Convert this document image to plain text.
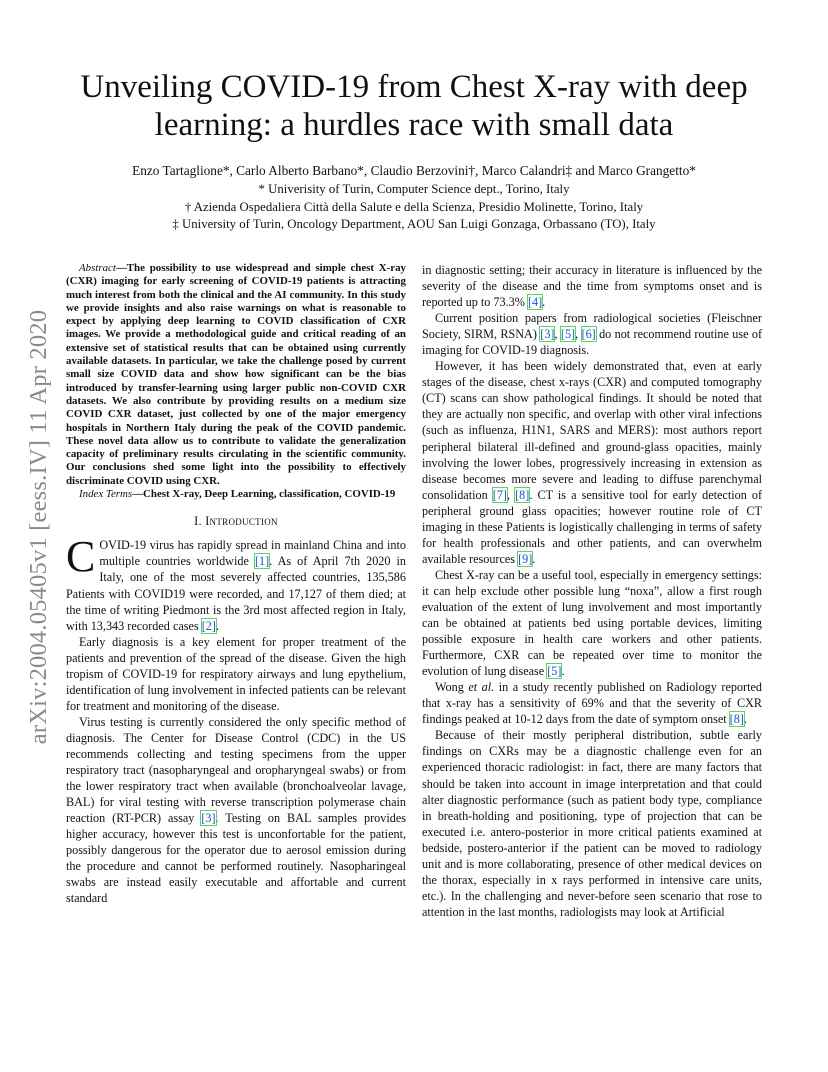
arXiv:2004.05405v1 [eess.IV] 11 Apr 2020
Unveiling COVID-19 from Chest X-ray with deep
learning: a hurdles race with small data
Enzo Tartaglione*, Carlo Alberto Barbano*, Claudio Berzovini†, Marco Calandri‡ and Marco Grangetto*
* Univerisity of Turin, Computer Science dept., Torino, Italy
† Azienda Ospedaliera Città della Salute e della Scienza, Presidio Molinette, Torino, Italy
‡ University of Turin, Oncology Department, AOU San Luigi Gonzaga, Orbassano (TO), Italy

Abstract—The possibility to use widespread and simple chest X-ray (CXR) imaging for early screening of COVID-19 patients is attracting much interest from both the clinical and the AI community. In this study we provide insights and also raise warnings on what is reasonable to expect by applying deep learning to COVID classification of CXR images. We provide a methodological guide and critical reading of an extensive set of statistical results that can be obtained using currently available datasets. In particular, we take the challenge posed by current small size COVID data and show how significant can be the bias introduced by transfer-learning using larger public non-COVID CXR datasets. We also contribute by providing results on a medium size COVID CXR dataset, just collected by one of the major emergency hospitals in Northern Italy during the peak of the COVID pandemic. These novel data allow us to contribute to validate the generalization capacity of preliminary results circulating in the scientific community. Our conclusions shed some light into the possibility to effectively discriminate COVID using CXR.

Index Terms—Chest X-ray, Deep Learning, classification, COVID-19

I. Introduction

COVID-19 virus has rapidly spread in mainland China and into multiple countries worldwide [1]. As of April 7th 2020 in Italy, one of the most severely affected countries, 135,586 Patients with COVID19 were recorded, and 17,127 of them died; at the time of writing Piedmont is the 3rd most affected region in Italy, with 13,343 recorded cases [2].

Early diagnosis is a key element for proper treatment of the patients and prevention of the spread of the disease. Given the high tropism of COVID-19 for respiratory airways and lung epythelium, identification of lung involvement in infected patients can be relevant for treatment and monitoring of the disease.

Virus testing is currently considered the only specific method of diagnosis. The Center for Disease Control (CDC) in the US recommends collecting and testing specimens from the upper respiratory tract (nasopharyngeal and oropharyngeal swabs) or from the lower respiratory tract when available (bronchoalveolar lavage, BAL) for viral testing with reverse transcription polymerase chain reaction (RT-PCR) assay [3]. Testing on BAL samples provides higher accuracy, however this test is unconfortable for the patient, possibly dangerous for the operator due to aerosol emission during the procedure and cannot be performed routinely. Nasopharingeal swabs are instead easily executable and affortable and current standard

in diagnostic setting; their accuracy in literature is influenced by the severity of the disease and the time from symptoms onset and is reported up to 73.3% [4].

Current position papers from radiological societies (Fleischner Society, SIRM, RSNA) [3], [5], [6] do not recommend routine use of imaging for COVID-19 diagnosis.

However, it has been widely demonstrated that, even at early stages of the disease, chest x-rays (CXR) and computed tomography (CT) scans can show pathological findings. It should be noted that they are actually non specific, and overlap with other viral infections (such as influenza, H1N1, SARS and MERS): most authors report peripheral bilateral ill-defined and ground-glass opacities, mainly involving the lower lobes, progressively increasing in extension as disease becomes more severe and leading to diffuse parenchymal consolidation [7], [8]. CT is a sensitive tool for early detection of peripheral ground glass opacities; however routine role of CT imaging in these Patients is logistically challenging in terms of safety for health professionals and other patients, and can overwhelm available resources [9].

Chest X-ray can be a useful tool, especially in emergency settings: it can help exclude other possible lung “noxa”, allow a first rough evaluation of the extent of lung involvement and most importantly can be obtained at patients bed using portable devices, limiting possible exposure in health care workers and other patients. Furthermore, CXR can be repeated over time to monitor the evolution of lung disease [5].

Wong et al. in a study recently published on Radiology reported that x-ray has a sensitivity of 69% and that the severity of CXR findings peaked at 10-12 days from the date of symptom onset [8].

Because of their mostly peripheral distribution, subtle early findings on CXRs may be a diagnostic challenge even for an experienced thoracic radiologist: in fact, there are many factors that should be taken into account in image interpretation and that could alter diagnostic performance (such as patient body type, compliance in breath-holding and positioning, type of projection that can be executed i.e. antero-posterior in more critical patients examined at bedside, postero-anterior if the patient can be moved to radiology unit and is more collaborating, presence of other medical devices on the thorax, especially in x rays performed in intensive care units, etc.). In the challenging and never-before seen scenario that rose to attention in the last months, radiologists may look at Artificial
